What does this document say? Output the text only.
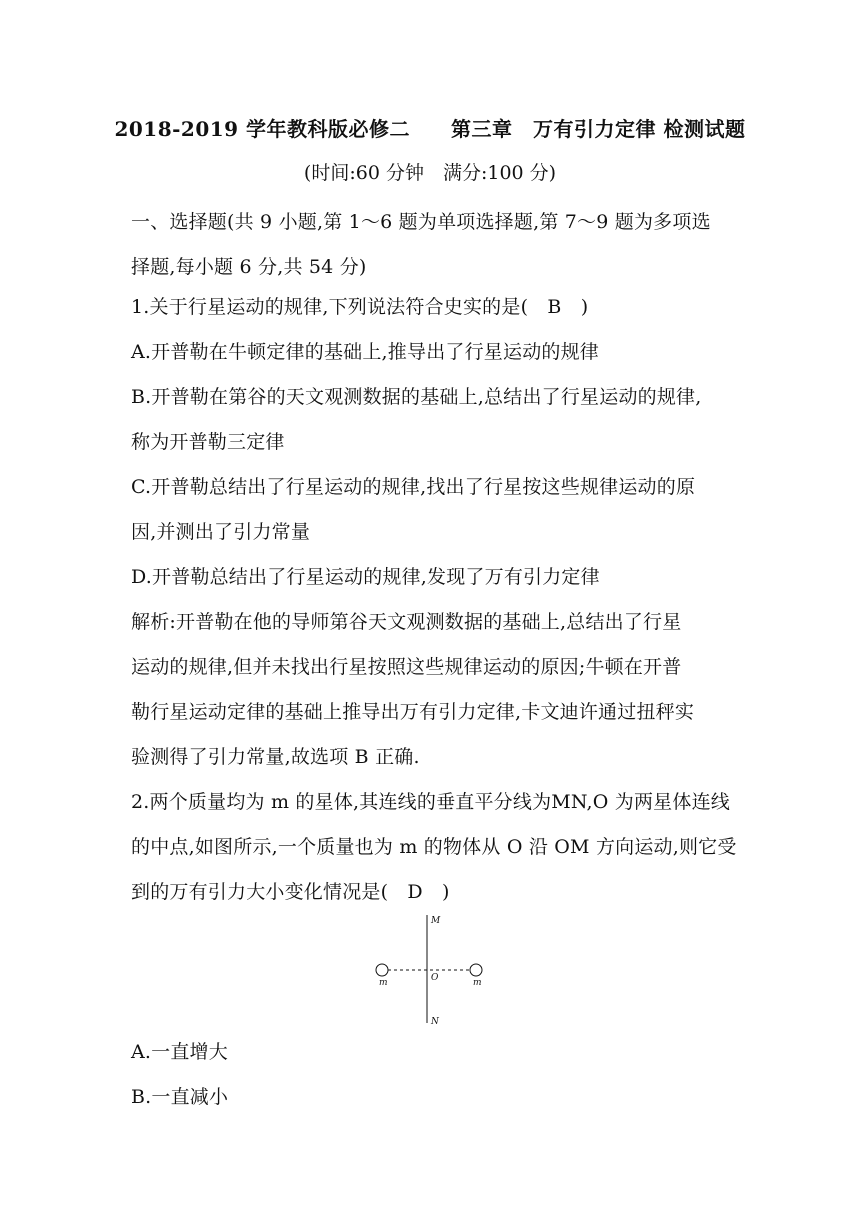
2018-2019 学年教科版必修二　　第三章　万有引力定律 检测试题
(时间:60 分钟　满分:100 分)
一、选择题(共 9 小题,第 1～6 题为单项选择题,第 7～9 题为多项选
择题,每小题 6 分,共 54 分)
1.关于行星运动的规律,下列说法符合史实的是(　B　)
A.开普勒在牛顿定律的基础上,推导出了行星运动的规律
B.开普勒在第谷的天文观测数据的基础上,总结出了行星运动的规律,
称为开普勒三定律
C.开普勒总结出了行星运动的规律,找出了行星按这些规律运动的原
因,并测出了引力常量
D.开普勒总结出了行星运动的规律,发现了万有引力定律
解析:开普勒在他的导师第谷天文观测数据的基础上,总结出了行星
运动的规律,但并未找出行星按照这些规律运动的原因;牛顿在开普
勒行星运动定律的基础上推导出万有引力定律,卡文迪许通过扭秤实
验测得了引力常量,故选项 B 正确.
2.两个质量均为 m 的星体,其连线的垂直平分线为MN,O 为两星体连线
的中点,如图所示,一个质量也为 m 的物体从 O 沿 OM 方向运动,则它受
到的万有引力大小变化情况是(　D　)
M
N
O
m	m
A.一直增大
B.一直减小
